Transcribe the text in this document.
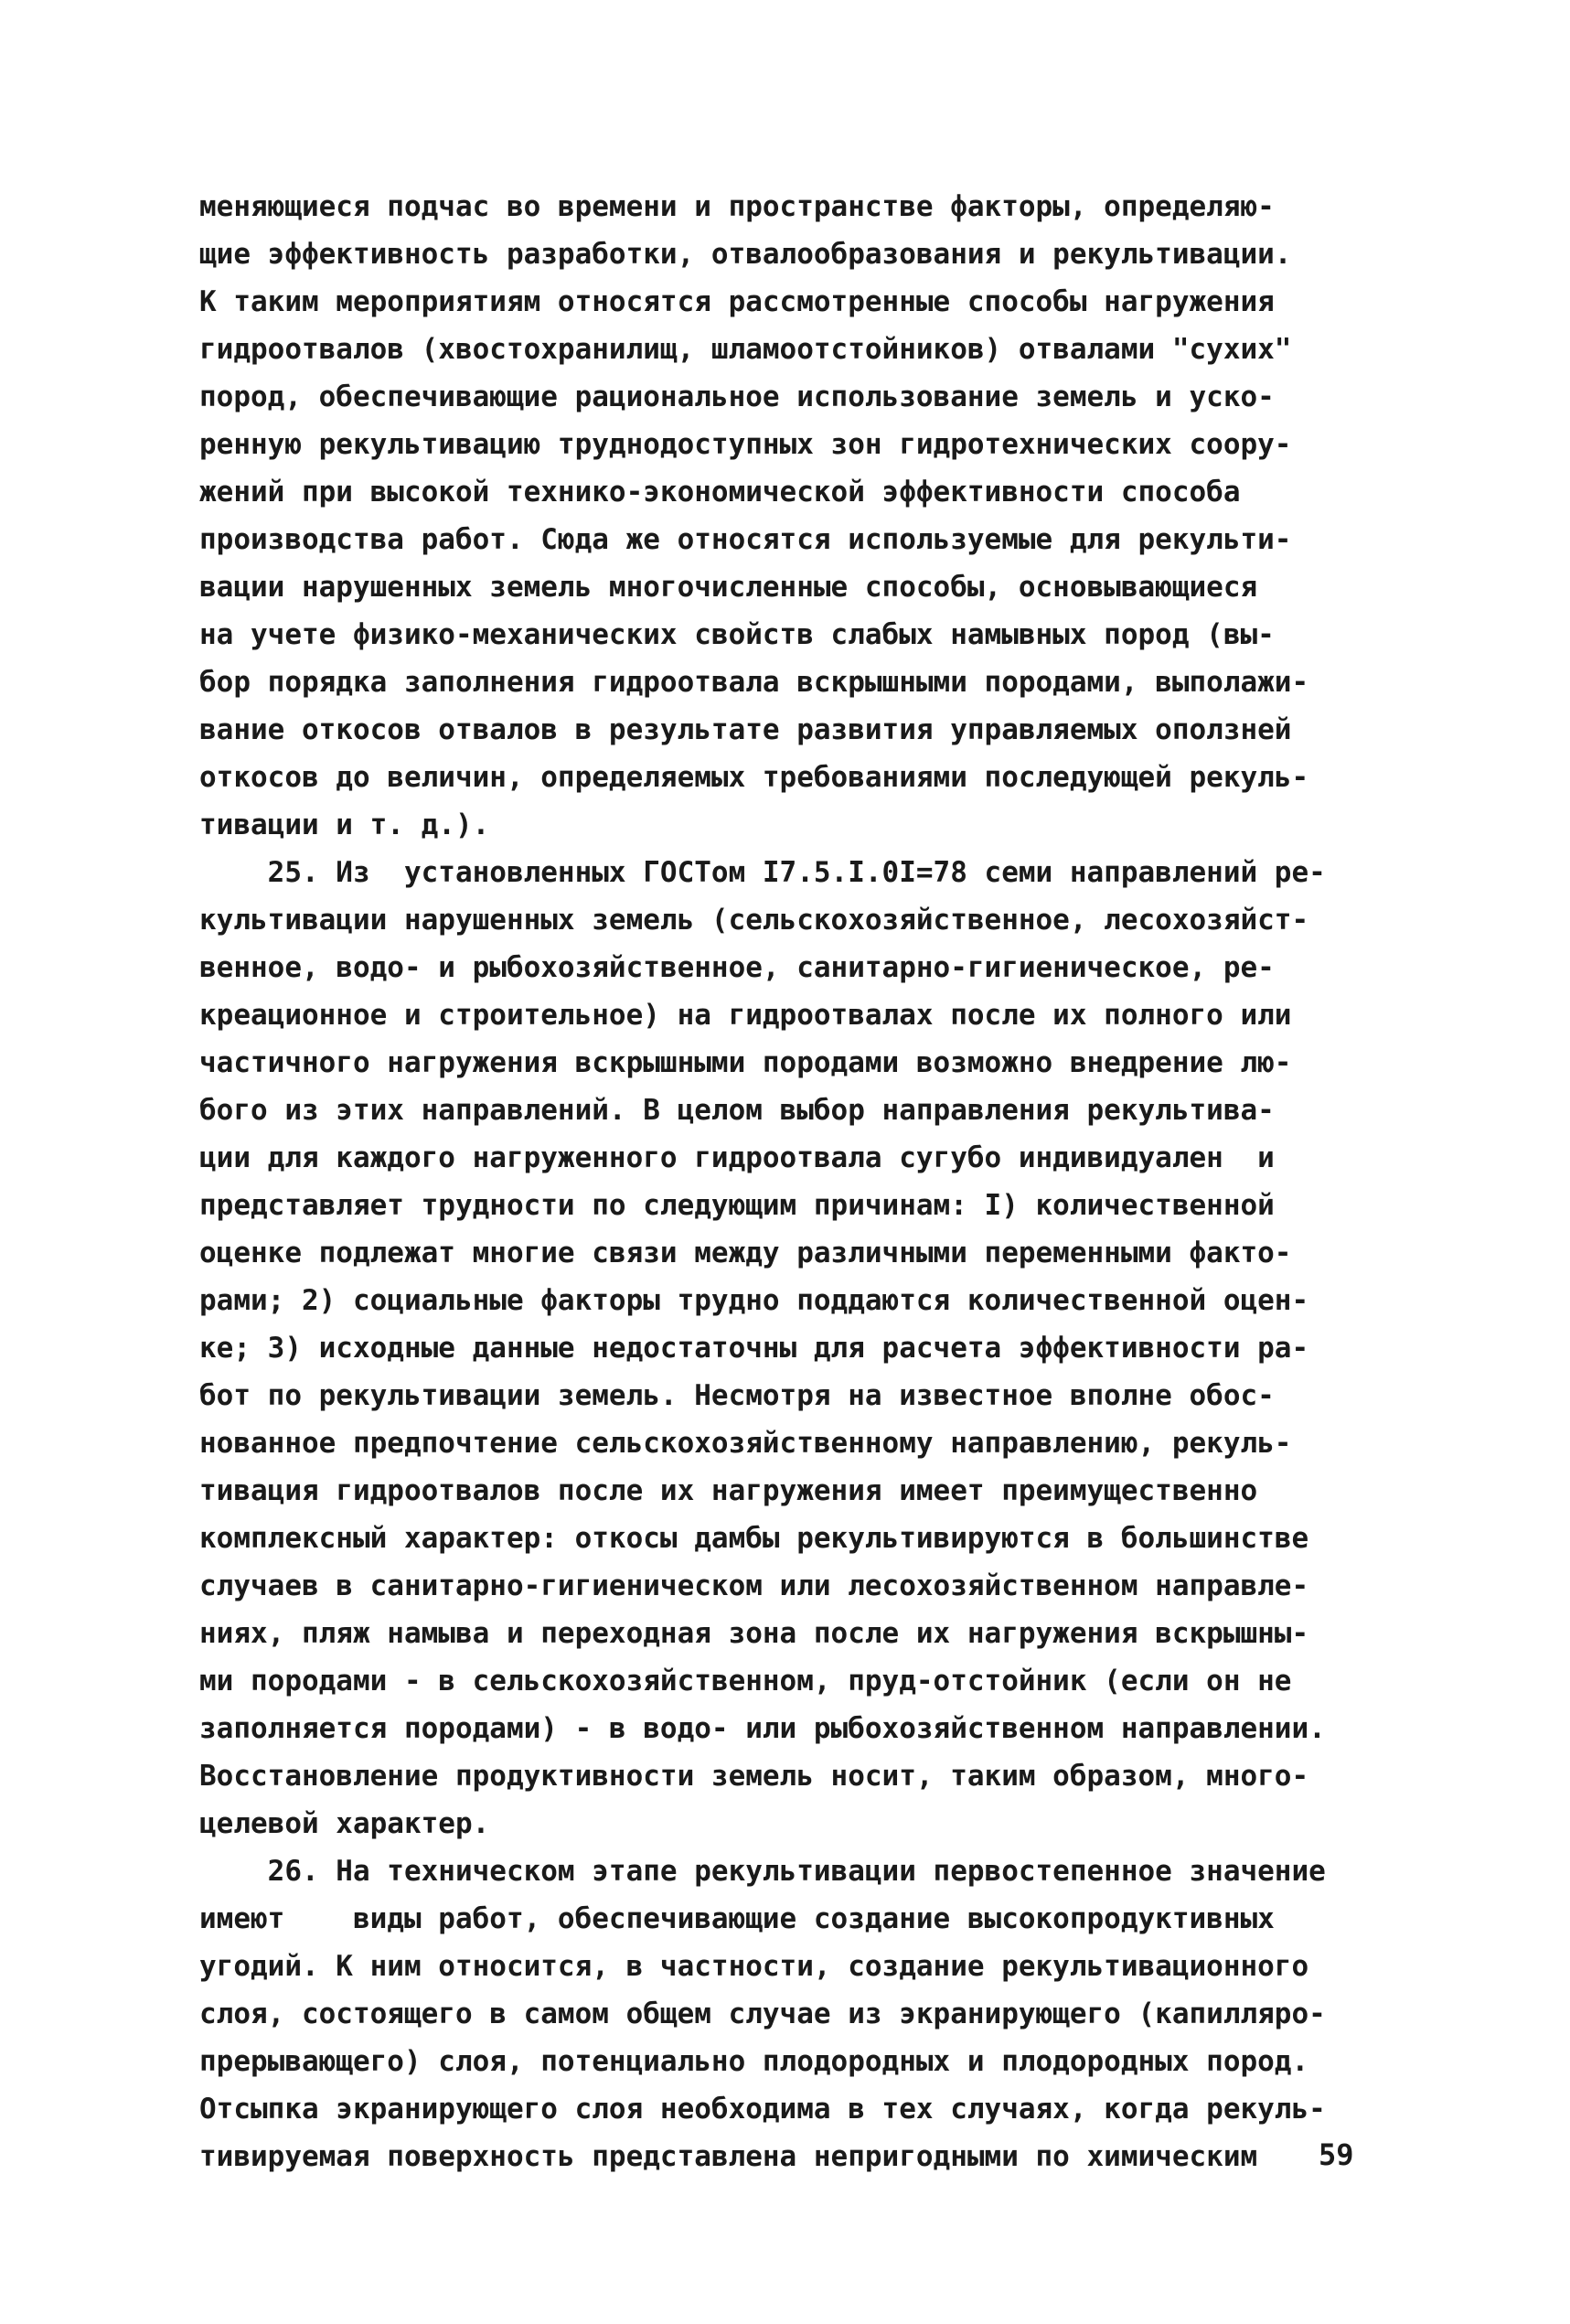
меняющиеся подчас во времени и пространстве факторы, определяю-
щие эффективность разработки, отвалообразования и рекультивации.
К таким мероприятиям относятся рассмотренные способы нагружения
гидроотвалов (хвостохранилищ, шламоотстойников) отвалами "сухих"
пород, обеспечивающие рациональное использование земель и уско-
ренную рекультивацию труднодоступных зон гидротехнических соору-
жений при высокой технико-экономической эффективности способа
производства работ. Сюда же относятся используемые для рекульти-
вации нарушенных земель многочисленные способы, основывающиеся
на учете физико-механических свойств слабых намывных пород (вы-
бор порядка заполнения гидроотвала вскрышными породами, выполажи-
вание откосов отвалов в результате развития управляемых оползней
откосов до величин, определяемых требованиями последующей рекуль-
тивации и т. д.).
25. Из  установленных ГОСТом I7.5.I.0I=78 семи направлений ре-
культивации нарушенных земель (сельскохозяйственное, лесохозяйст-
венное, водо- и рыбохозяйственное, санитарно-гигиеническое, ре-
креационное и строительное) на гидроотвалах после их полного или
частичного нагружения вскрышными породами возможно внедрение лю-
бого из этих направлений. В целом выбор направления рекультива-
ции для каждого нагруженного гидроотвала сугубо индивидуален  и
представляет трудности по следующим причинам: I) количественной
оценке подлежат многие связи между различными переменными факто-
рами; 2) социальные факторы трудно поддаются количественной оцен-
ке; 3) исходные данные недостаточны для расчета эффективности ра-
бот по рекультивации земель. Несмотря на известное вполне обос-
нованное предпочтение сельскохозяйственному направлению, рекуль-
тивация гидроотвалов после их нагружения имеет преимущественно
комплексный характер: откосы дамбы рекультивируются в большинстве
случаев в санитарно-гигиеническом или лесохозяйственном направле-
ниях, пляж намыва и переходная зона после их нагружения вскрышны-
ми породами - в сельскохозяйственном, пруд-отстойник (если он не
заполняется породами) - в водо- или рыбохозяйственном направлении.
Восстановление продуктивности земель носит, таким образом, много-
целевой характер.
26. На техническом этапе рекультивации первостепенное значение
имеют    виды работ, обеспечивающие создание высокопродуктивных
угодий. К ним относится, в частности, создание рекультивационного
слоя, состоящего в самом общем случае из экранирующего (капилляро-
прерывающего) слоя, потенциально плодородных и плодородных пород.
Отсыпка экранирующего слоя необходима в тех случаях, когда рекуль-
тивируемая поверхность представлена непригодными по химическим	59
